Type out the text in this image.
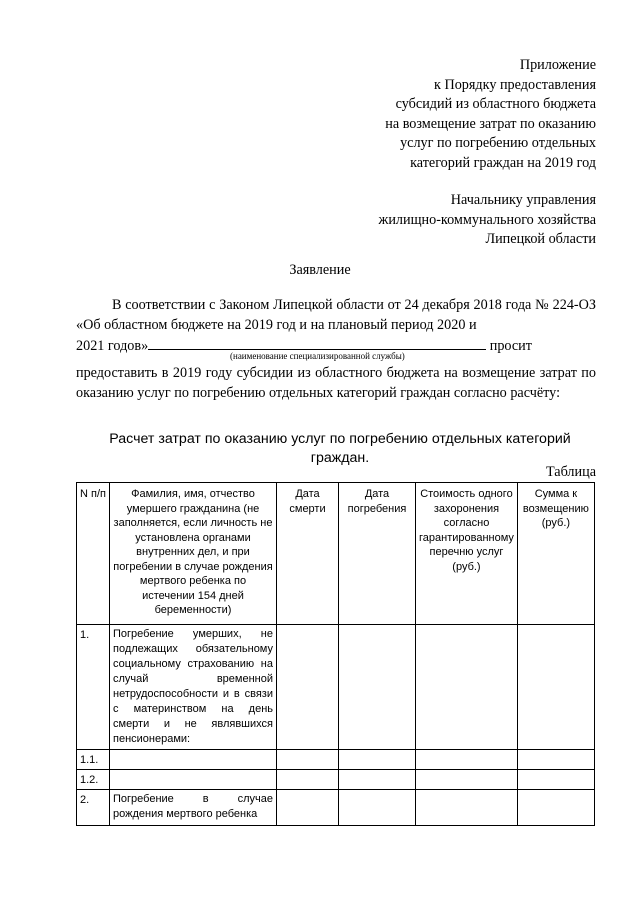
Приложение
к Порядку предоставления
субсидий из областного бюджета
на возмещение затрат по оказанию
услуг по погребению отдельных
категорий граждан на 2019 год
Начальнику управления
жилищно-коммунального хозяйства
Липецкой области
Заявление
В соответствии с Законом Липецкой области от 24 декабря 2018 года № 224-ОЗ «Об областном бюджете на 2019 год и на плановый период 2020 и
2021 годов»	просит
(наименование специализированной службы)
предоставить в 2019 году субсидии из областного бюджета на возмещение затрат по оказанию услуг по погребению отдельных категорий граждан согласно расчёту:
Расчет затрат по оказанию услуг по погребению отдельных категорий граждан.
Таблица
N п/п	Фамилия, имя, отчество умершего гражданина (не заполняется, если личность не установлена органами внутренних дел, и при погребении в случае рождения мертвого ребенка по истечении 154 дней беременности)	Дата смерти	Дата погребения	Стоимость одного захоронения согласно гарантированному перечню услуг (руб.)	Сумма к возмещению (руб.)
1.	Погребение умерших, не подлежащих обязательному социальному страхованию на случай временной нетрудоспособности и в связи с материнством на день смерти и не являвшихся пенсионерами:				
1.1.					
1.2.					
2.	Погребение в случае рождения мертвого ребенка				
